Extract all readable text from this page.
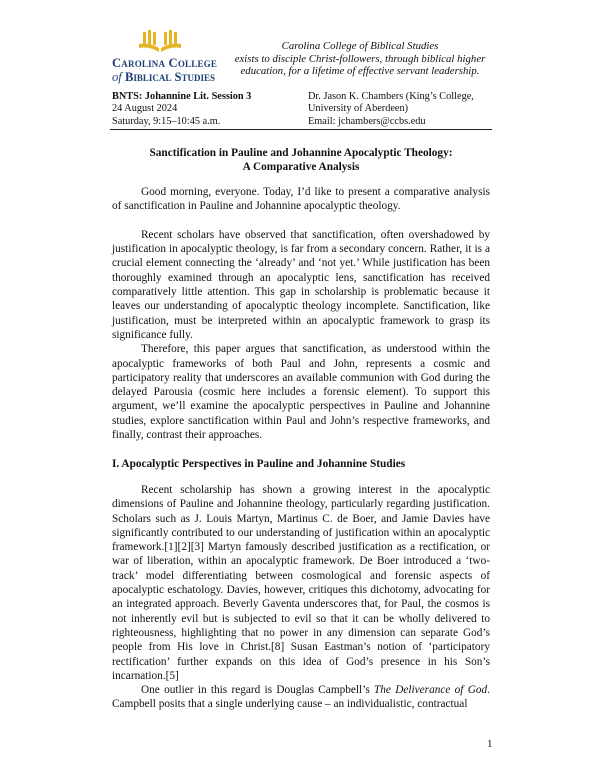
Carolina College
of Biblical Studies
Carolina College of Biblical Studies
exists to disciple Christ-followers, through biblical higher
education, for a lifetime of effective servant leadership.
BNTS: Johannine Lit. Session 3
24 August 2024
Saturday, 9:15–10:45 a.m.
Dr. Jason K. Chambers (King’s College,
University of Aberdeen)
Email: jchambers@ccbs.edu
Sanctification in Pauline and Johannine Apocalyptic Theology:
A Comparative Analysis

Good morning, everyone. Today, I’d like to present a comparative analysis of sanctification in Pauline and Johannine apocalyptic theology.

Recent scholars have observed that sanctification, often overshadowed by justification in apocalyptic theology, is far from a secondary concern. Rather, it is a crucial element connecting the ‘already’ and ‘not yet.’ While justification has been thoroughly examined through an apocalyptic lens, sanctification has received comparatively little attention. This gap in scholarship is problematic because it leaves our understanding of apocalyptic theology incomplete. Sanctification, like justification, must be interpreted within an apocalyptic framework to grasp its significance fully.

Therefore, this paper argues that sanctification, as understood within the apocalyptic frameworks of both Paul and John, represents a cosmic and participatory reality that underscores an available communion with God during the delayed Parousia (cosmic here includes a forensic element). To support this argument, we’ll examine the apocalyptic perspectives in Pauline and Johannine studies, explore sanctification within Paul and John’s respective frameworks, and finally, contrast their approaches.

I. Apocalyptic Perspectives in Pauline and Johannine Studies

Recent scholarship has shown a growing interest in the apocalyptic dimensions of Pauline and Johannine theology, particularly regarding justification. Scholars such as J. Louis Martyn, Martinus C. de Boer, and Jamie Davies have significantly contributed to our understanding of justification within an apocalyptic framework.[1][2][3] Martyn famously described justification as a rectification, or war of liberation, within an apocalyptic framework. De Boer introduced a ‘two-track’ model differentiating between cosmological and forensic aspects of apocalyptic eschatology. Davies, however, critiques this dichotomy, advocating for an integrated approach. Beverly Gaventa underscores that, for Paul, the cosmos is not inherently evil but is subjected to evil so that it can be wholly delivered to righteousness, highlighting that no power in any dimension can separate God’s people from His love in Christ.[8] Susan Eastman’s notion of ‘participatory rectification’ further expands on this idea of God’s presence in his Son’s incarnation.[5]

One outlier in this regard is Douglas Campbell’s The Deliverance of God. Campbell posits that a single underlying cause – an individualistic, contractual

1
